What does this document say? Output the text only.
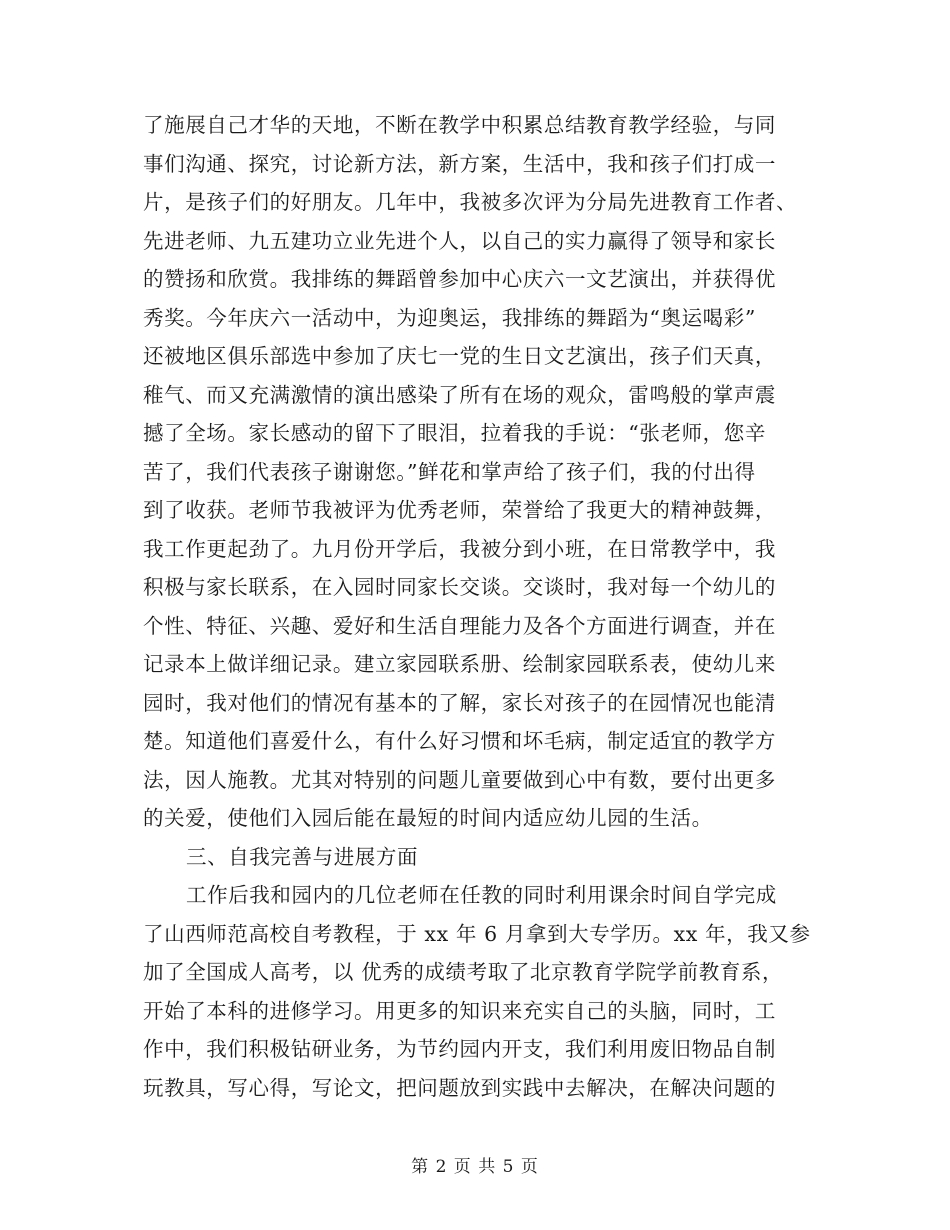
了施展自己才华的天地，不断在教学中积累总结教育教学经验，与同
事们沟通、探究，讨论新方法，新方案，生活中，我和孩子们打成一
片，是孩子们的好朋友。几年中，我被多次评为分局先进教育工作者、
先进老师、九五建功立业先进个人，以自己的实力赢得了领导和家长
的赞扬和欣赏。我排练的舞蹈曾参加中心庆六一文艺演出，并获得优
秀奖。今年庆六一活动中，为迎奥运，我排练的舞蹈为“奥运喝彩”
还被地区俱乐部选中参加了庆七一党的生日文艺演出，孩子们天真，
稚气、而又充满激情的演出感染了所有在场的观众，雷鸣般的掌声震
撼了全场。家长感动的留下了眼泪，拉着我的手说：“张老师，您辛
苦了，我们代表孩子谢谢您。”鲜花和掌声给了孩子们，我的付出得
到了收获。老师节我被评为优秀老师，荣誉给了我更大的精神鼓舞，
我工作更起劲了。九月份开学后，我被分到小班，在日常教学中，我
积极与家长联系，在入园时同家长交谈。交谈时，我对每一个幼儿的
个性、特征、兴趣、爱好和生活自理能力及各个方面进行调查，并在
记录本上做详细记录。建立家园联系册、绘制家园联系表，使幼儿来
园时，我对他们的情况有基本的了解，家长对孩子的在园情况也能清
楚。知道他们喜爱什么，有什么好习惯和坏毛病，制定适宜的教学方
法，因人施教。尤其对特别的问题儿童要做到心中有数，要付出更多
的关爱，使他们入园后能在最短的时间内适应幼儿园的生活。
三、自我完善与进展方面
工作后我和园内的几位老师在任教的同时利用课余时间自学完成
了山西师范高校自考教程，于 xx 年 6 月拿到大专学历。xx 年，我又参
加了全国成人高考，以 优秀的成绩考取了北京教育学院学前教育系，
开始了本科的进修学习。用更多的知识来充实自己的头脑，同时，工
作中，我们积极钻研业务，为节约园内开支，我们利用废旧物品自制
玩教具，写心得，写论文，把问题放到实践中去解决，在解决问题的
第 2 页 共 5 页
